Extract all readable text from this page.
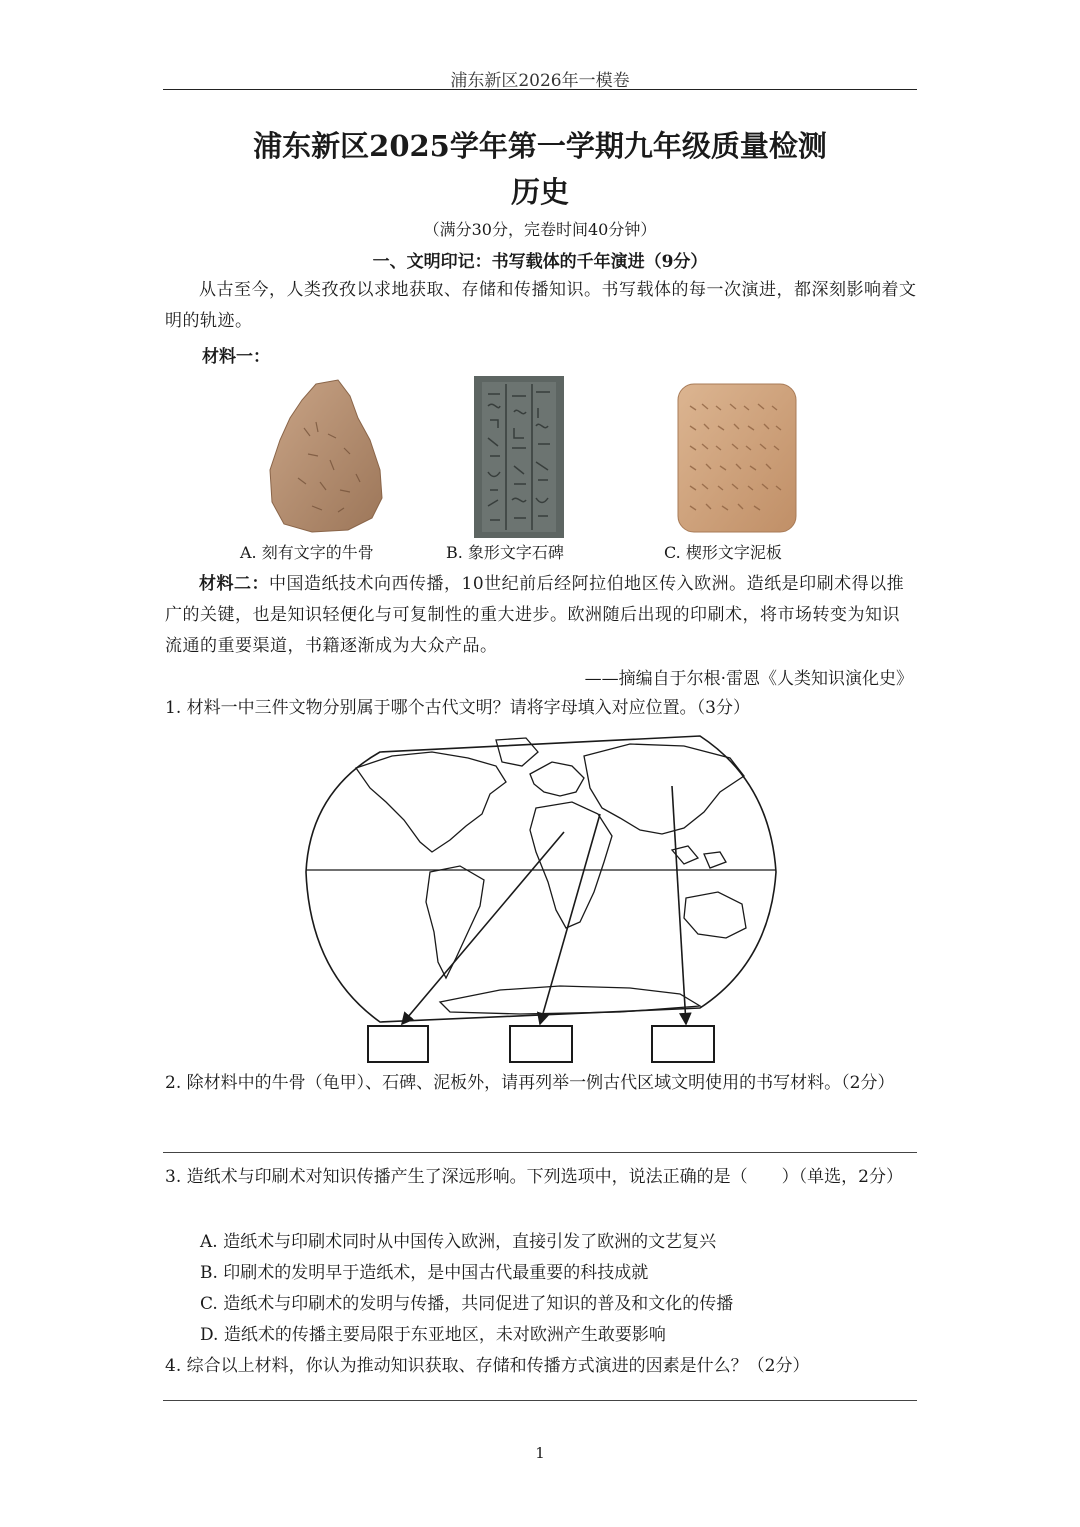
浦东新区2026年一模卷
浦东新区2025学年第一学期九年级质量检测
历史
（满分30分，完卷时间40分钟）
一、文明印记：书写载体的千年演进（9分）
从古至今，人类孜孜以求地获取、存储和传播知识。书写载体的每一次演进，都深刻影响着文明的轨迹。
材料一：
A. 刻有文字的牛骨	B. 象形文字石碑	C. 楔形文字泥板
材料二：中国造纸技术向西传播，10世纪前后经阿拉伯地区传入欧洲。造纸是印刷术得以推广的关键，也是知识轻便化与可复制性的重大进步。欧洲随后出现的印刷术，将市场转变为知识流通的重要渠道，书籍逐渐成为大众产品。
——摘编自于尔根·雷恩《人类知识演化史》
1. 材料一中三件文物分别属于哪个古代文明？请将字母填入对应位置。（3分）
2. 除材料中的牛骨（龟甲）、石碑、泥板外，请再列举一例古代区域文明使用的书写材料。（2分）
3. 造纸术与印刷术对知识传播产生了深远形响。下列选项中，说法正确的是（　　）（单选，2分）
A. 造纸术与印刷术同时从中国传入欧洲，直接引发了欧洲的文艺复兴
B. 印刷术的发明早于造纸术，是中国古代最重要的科技成就
C. 造纸术与印刷术的发明与传播，共同促进了知识的普及和文化的传播
D. 造纸术的传播主要局限于东亚地区，未对欧洲产生敢要影响
4. 综合以上材料，你认为推动知识获取、存储和传播方式演进的因素是什么？（2分）
1
